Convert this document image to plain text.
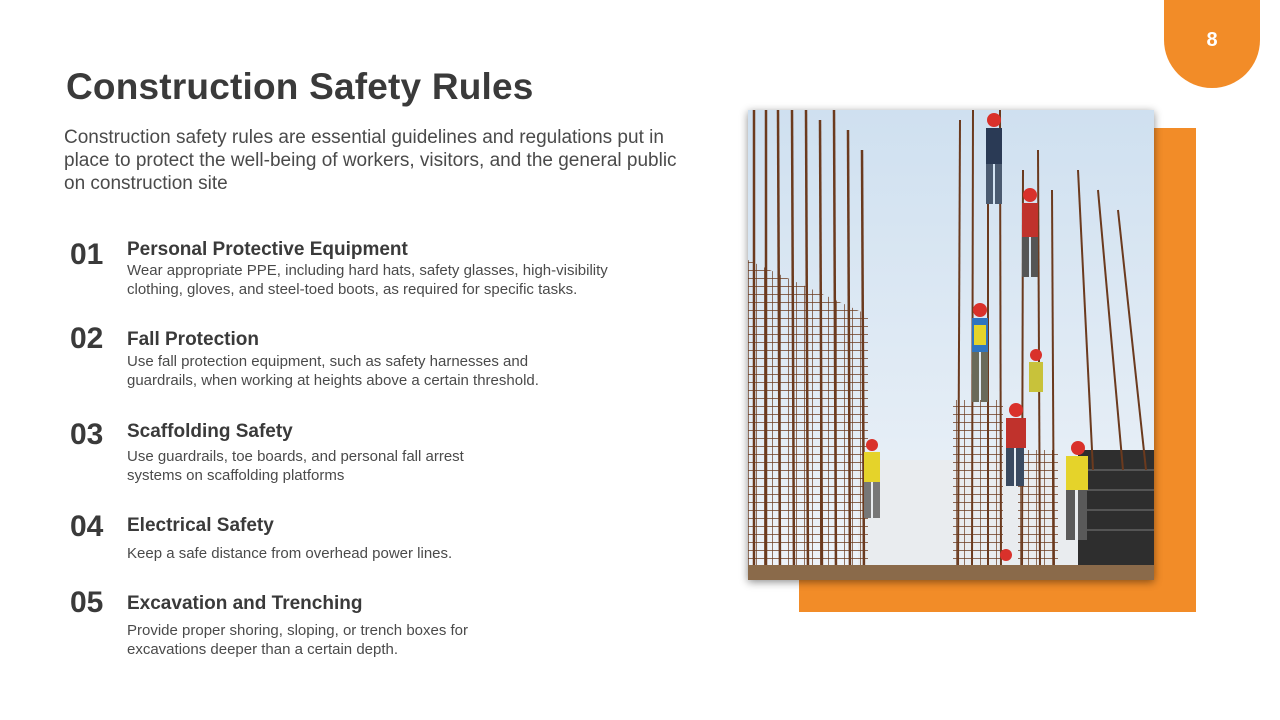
8
Construction Safety Rules
Construction safety rules are essential guidelines and regulations put in place to protect the well-being of workers, visitors, and the general public on construction site
01 Personal Protective Equipment
Wear appropriate PPE, including hard hats, safety glasses, high-visibility clothing, gloves, and steel-toed boots, as required for specific tasks.
02 Fall Protection
Use fall protection equipment, such as safety harnesses and guardrails, when working at heights above a certain threshold.
03 Scaffolding Safety
Use guardrails, toe boards, and personal fall arrest systems on scaffolding platforms
04 Electrical Safety
Keep a safe distance from overhead power lines.
05 Excavation and Trenching
Provide proper shoring, sloping, or trench boxes for excavations deeper than a certain depth.
